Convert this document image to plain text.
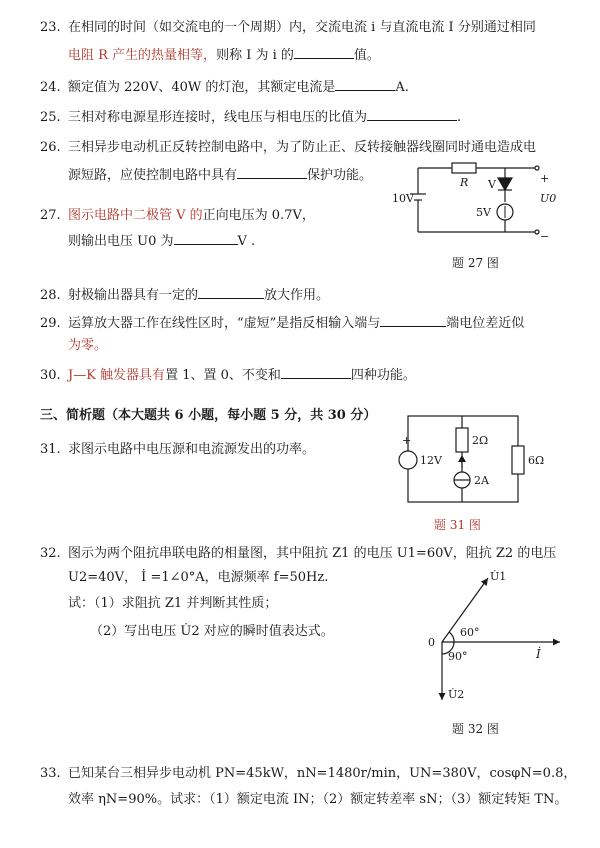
23. 在相同的时间（如交流电的一个周期）内，交流电流 i 与直流电流 I 分别通过相同
电阻 R 产生的热量相等，则称 I 为 i 的	值。
24. 额定值为 220V、40W 的灯泡，其额定电流是	A.
25. 三相对称电源星形连接时，线电压与相电压的比值为	.
26. 三相异步电动机正反转控制电路中，为了防止正、反转接触器线圈同时通电造成电
源短路，应使控制电路中具有	保护功能。
27. 图示电路中二极管 V 的正向电压为 0.7V，
则输出电压 U0 为	V .
10V
R V
5V
U0
+
−
题 27 图
28. 射极输出器具有一定的	放大作用。
29. 运算放大器工作在线性区时，“虚短”是指反相输入端与	端电位差近似
为零。
30. J—K 触发器具有置 1、置 0、不变和	四种功能。
三、简析题（本大题共 6 小题，每小题 5 分，共 30 分）
31. 求图示电路中电压源和电流源发出的功率。
+
12V
2Ω
2A
6Ω
题 31 图
32. 图示为两个阻抗串联电路的相量图，其中阻抗 Z1 的电压 U1=60V，阻抗 Z2 的电压
U2=40V， İ =1∠0°A，电源频率 f=50Hz.
试：（1）求阻抗 Z1 并判断其性质；
（2）写出电压 U̇2 对应的瞬时值表达式。
0
U̇1
60°
90°	İ
U̇2
题 32 图
33. 已知某台三相异步电动机 PN=45kW，nN=1480r/min，UN=380V，cosφN=0.8，
效率 ηN=90%。试求：（1）额定电流 IN；（2）额定转差率 sN；（3）额定转矩 TN。
